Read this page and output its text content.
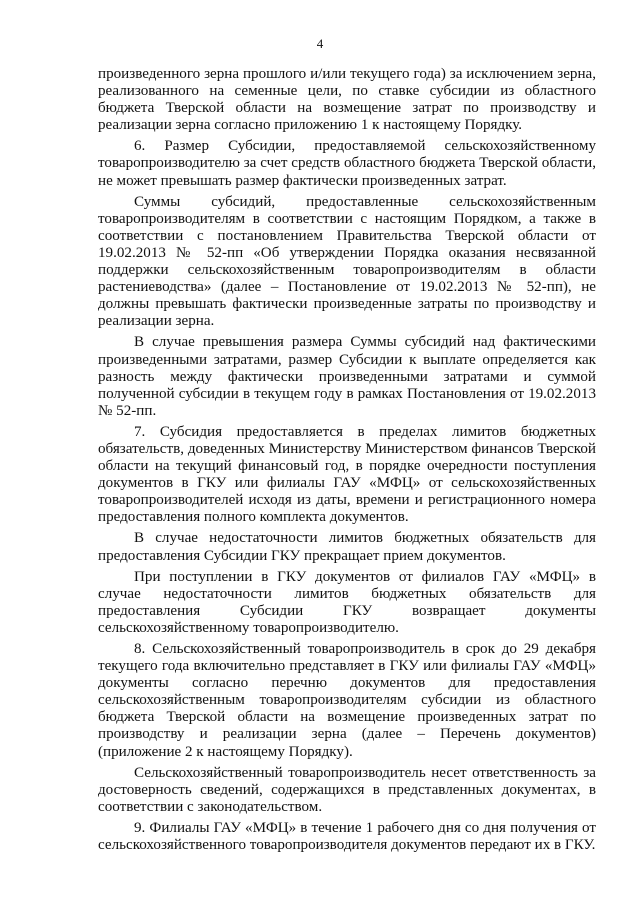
4

произведенного зерна прошлого и/или текущего года) за исключением зерна, реализованного на семенные цели, по ставке субсидии из областного бюджета Тверской области на возмещение затрат по производству и реализации зерна согласно приложению 1 к настоящему Порядку.

6. Размер Субсидии, предоставляемой сельскохозяйственному товаропроизводителю за счет средств областного бюджета Тверской области, не может превышать размер фактически произведенных затрат.

Суммы субсидий, предоставленные сельскохозяйственным товаропроизводителям в соответствии с настоящим Порядком, а также в соответствии с постановлением Правительства Тверской области от 19.02.2013 № 52-пп «Об утверждении Порядка оказания несвязанной поддержки сельскохозяйственным товаропроизводителям в области растениеводства» (далее – Постановление от 19.02.2013 № 52-пп), не должны превышать фактически произведенные затраты по производству и реализации зерна.

В случае превышения размера Суммы субсидий над фактическими произведенными затратами, размер Субсидии к выплате определяется как разность между фактически произведенными затратами и суммой полученной субсидии в текущем году в рамках Постановления от 19.02.2013 № 52-пп.

7. Субсидия предоставляется в пределах лимитов бюджетных обязательств, доведенных Министерству Министерством финансов Тверской области на текущий финансовый год, в порядке очередности поступления документов в ГКУ или филиалы ГАУ «МФЦ» от сельскохозяйственных товаропроизводителей исходя из даты, времени и регистрационного номера предоставления полного комплекта документов.

В случае недостаточности лимитов бюджетных обязательств для предоставления Субсидии ГКУ прекращает прием документов.

При поступлении в ГКУ документов от филиалов ГАУ «МФЦ» в случае недостаточности лимитов бюджетных обязательств для предоставления Субсидии ГКУ возвращает документы сельскохозяйственному товаропроизводителю.

8. Сельскохозяйственный товаропроизводитель в срок до 29 декабря текущего года включительно представляет в ГКУ или филиалы ГАУ «МФЦ» документы согласно перечню документов для предоставления сельскохозяйственным товаропроизводителям субсидии из областного бюджета Тверской области на возмещение произведенных затрат по производству и реализации зерна (далее – Перечень документов) (приложение 2 к настоящему Порядку).

Сельскохозяйственный товаропроизводитель несет ответственность за достоверность сведений, содержащихся в представленных документах, в соответствии с законодательством.

9. Филиалы ГАУ «МФЦ» в течение 1 рабочего дня со дня получения от сельскохозяйственного товаропроизводителя документов передают их в ГКУ.
